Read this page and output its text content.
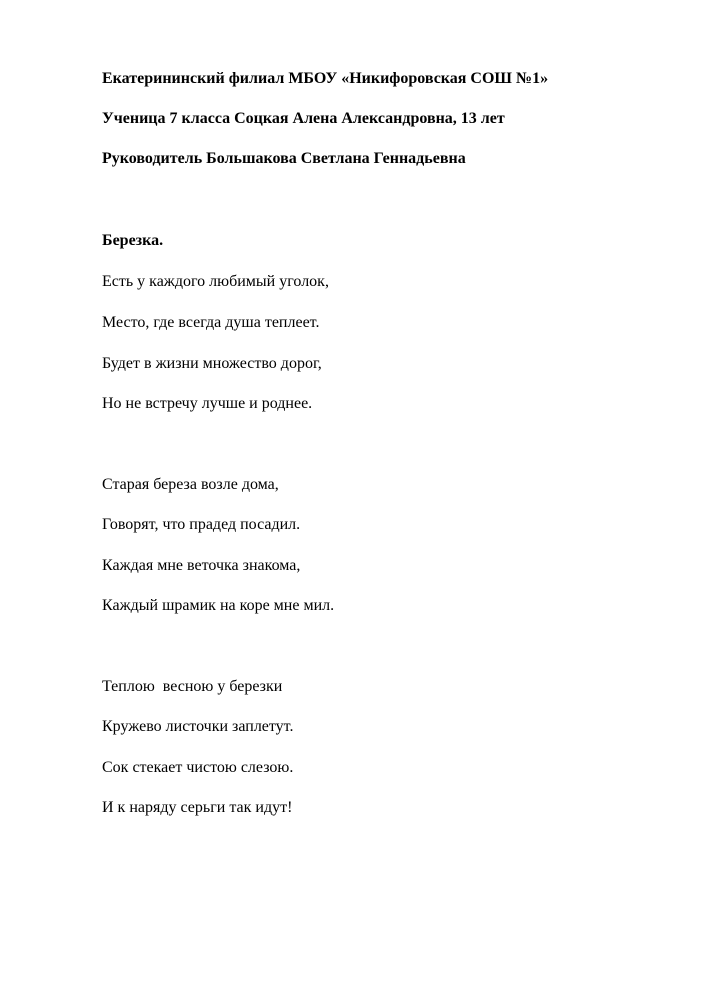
Екатерининский филиал МБОУ «Никифоровская СОШ №1»
Ученица 7 класса Соцкая Алена Александровна, 13 лет
Руководитель Большакова Светлана Геннадьевна
Березка.
Есть у каждого любимый уголок,
Место, где всегда душа теплеет.
Будет в жизни множество дорог,
Но не встречу лучше и роднее.
Старая береза возле дома,
Говорят, что прадед посадил.
Каждая мне веточка знакома,
Каждый шрамик на коре мне мил.
Теплою  весною у березки
Кружево листочки заплетут.
Сок стекает чистою слезою.
И к наряду серьги так идут!
